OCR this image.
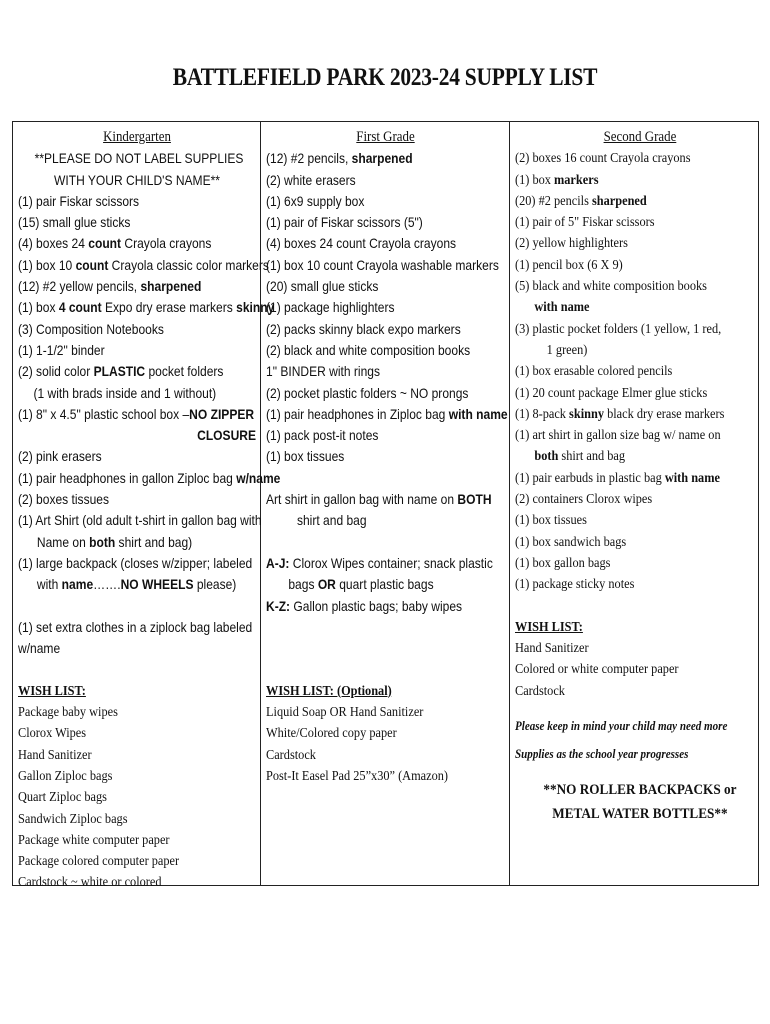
BATTLEFIELD PARK 2023-24 SUPPLY LIST
Kindergarten
**PLEASE DO NOT LABEL SUPPLIES
WITH YOUR CHILD'S NAME**
(1) pair Fiskar scissors
(15) small glue sticks
(4) boxes 24 count Crayola crayons
(1) box 10 count Crayola classic color markers
(12) #2 yellow pencils, sharpened
(1) box 4 count Expo dry erase markers skinny
(3) Composition Notebooks
(1) 1-1/2" binder
(2) solid color PLASTIC pocket folders
(1 with brads inside and 1 without)
(1) 8" x 4.5" plastic school box –NO ZIPPER
CLOSURE
(2) pink erasers
(1) pair headphones in gallon Ziploc bag w/name
(2) boxes tissues
(1) Art Shirt (old adult t-shirt in gallon bag with
Name on both shirt and bag)
(1) large backpack (closes w/zipper; labeled
with name…….NO WHEELS please)
(1) set extra clothes in a ziplock bag labeled
w/name
WISH LIST:
Package baby wipes
Clorox Wipes
Hand Sanitizer
Gallon Ziploc bags
Quart Ziploc bags
Sandwich Ziploc bags
Package white computer paper
Package colored computer paper
Cardstock ~ white or colored
First Grade
(12) #2 pencils, sharpened
(2) white erasers
(1) 6x9 supply box
(1) pair of Fiskar scissors (5")
(4) boxes 24 count Crayola crayons
(1) box 10 count Crayola washable markers
(20) small glue sticks
(1) package highlighters
(2) packs skinny black expo markers
(2) black and white composition books
1" BINDER with rings
(2) pocket plastic folders ~ NO prongs
(1) pair headphones in Ziploc bag with name
(1) pack post-it notes
(1) box tissues
Art shirt in gallon bag with name on BOTH
shirt and bag
A-J: Clorox Wipes container; snack plastic
bags OR quart plastic bags
K-Z: Gallon plastic bags; baby wipes
WISH LIST: (Optional)
Liquid Soap OR Hand Sanitizer
White/Colored copy paper
Cardstock
Post-It Easel Pad 25”x30” (Amazon)
Second Grade
(2) boxes 16 count Crayola crayons
(1) box markers
(20) #2 pencils sharpened
(1) pair of 5" Fiskar scissors
(2) yellow highlighters
(1) pencil box (6 X 9)
(5) black and white composition books
with name
(3) plastic pocket folders (1 yellow, 1 red,
1 green)
(1) box erasable colored pencils
(1) 20 count package Elmer glue sticks
(1) 8-pack skinny black dry erase markers
(1) art shirt in gallon size bag w/ name on
both shirt and bag
(1) pair earbuds in plastic bag with name
(2) containers Clorox wipes
(1) box tissues
(1) box sandwich bags
(1) box gallon bags
(1) package sticky notes
WISH LIST:
Hand Sanitizer
Colored or white computer paper
Cardstock
Please keep in mind your child may need more
Supplies as the school year progresses
**NO ROLLER BACKPACKS or
METAL WATER BOTTLES**
